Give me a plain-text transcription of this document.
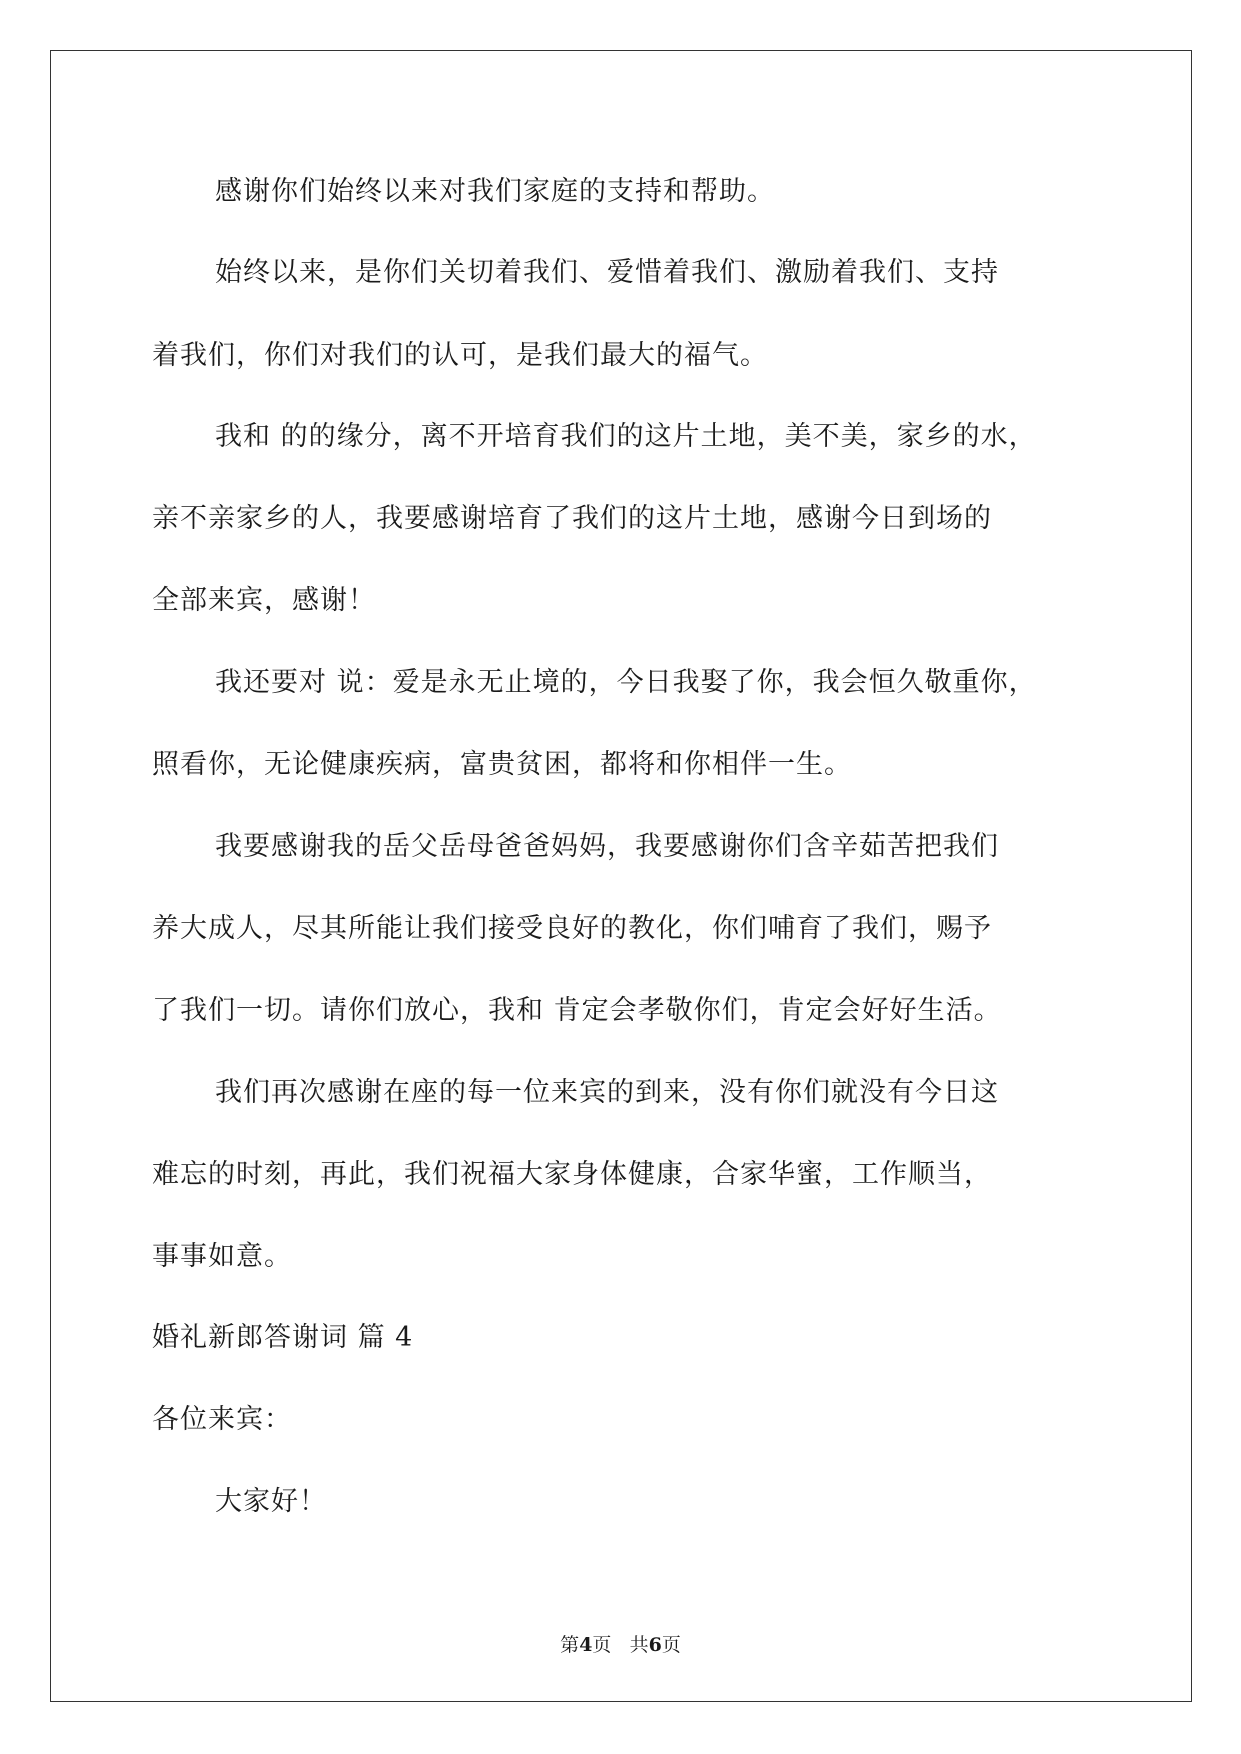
感谢你们始终以来对我们家庭的支持和帮助。
始终以来，是你们关切着我们、爱惜着我们、激励着我们、支持
着我们，你们对我们的认可，是我们最大的福气。
我和 的的缘分，离不开培育我们的这片土地，美不美，家乡的水，
亲不亲家乡的人，我要感谢培育了我们的这片土地，感谢今日到场的
全部来宾，感谢！
我还要对 说：爱是永无止境的，今日我娶了你，我会恒久敬重你，
照看你，无论健康疾病，富贵贫困，都将和你相伴一生。
我要感谢我的岳父岳母爸爸妈妈，我要感谢你们含辛茹苦把我们
养大成人，尽其所能让我们接受良好的教化，你们哺育了我们，赐予
了我们一切。请你们放心，我和 肯定会孝敬你们，肯定会好好生活。
我们再次感谢在座的每一位来宾的到来，没有你们就没有今日这
难忘的时刻，再此，我们祝福大家身体健康，合家华蜜，工作顺当，
事事如意。
婚礼新郎答谢词 篇 4
各位来宾：
大家好！
第4页 共6页
